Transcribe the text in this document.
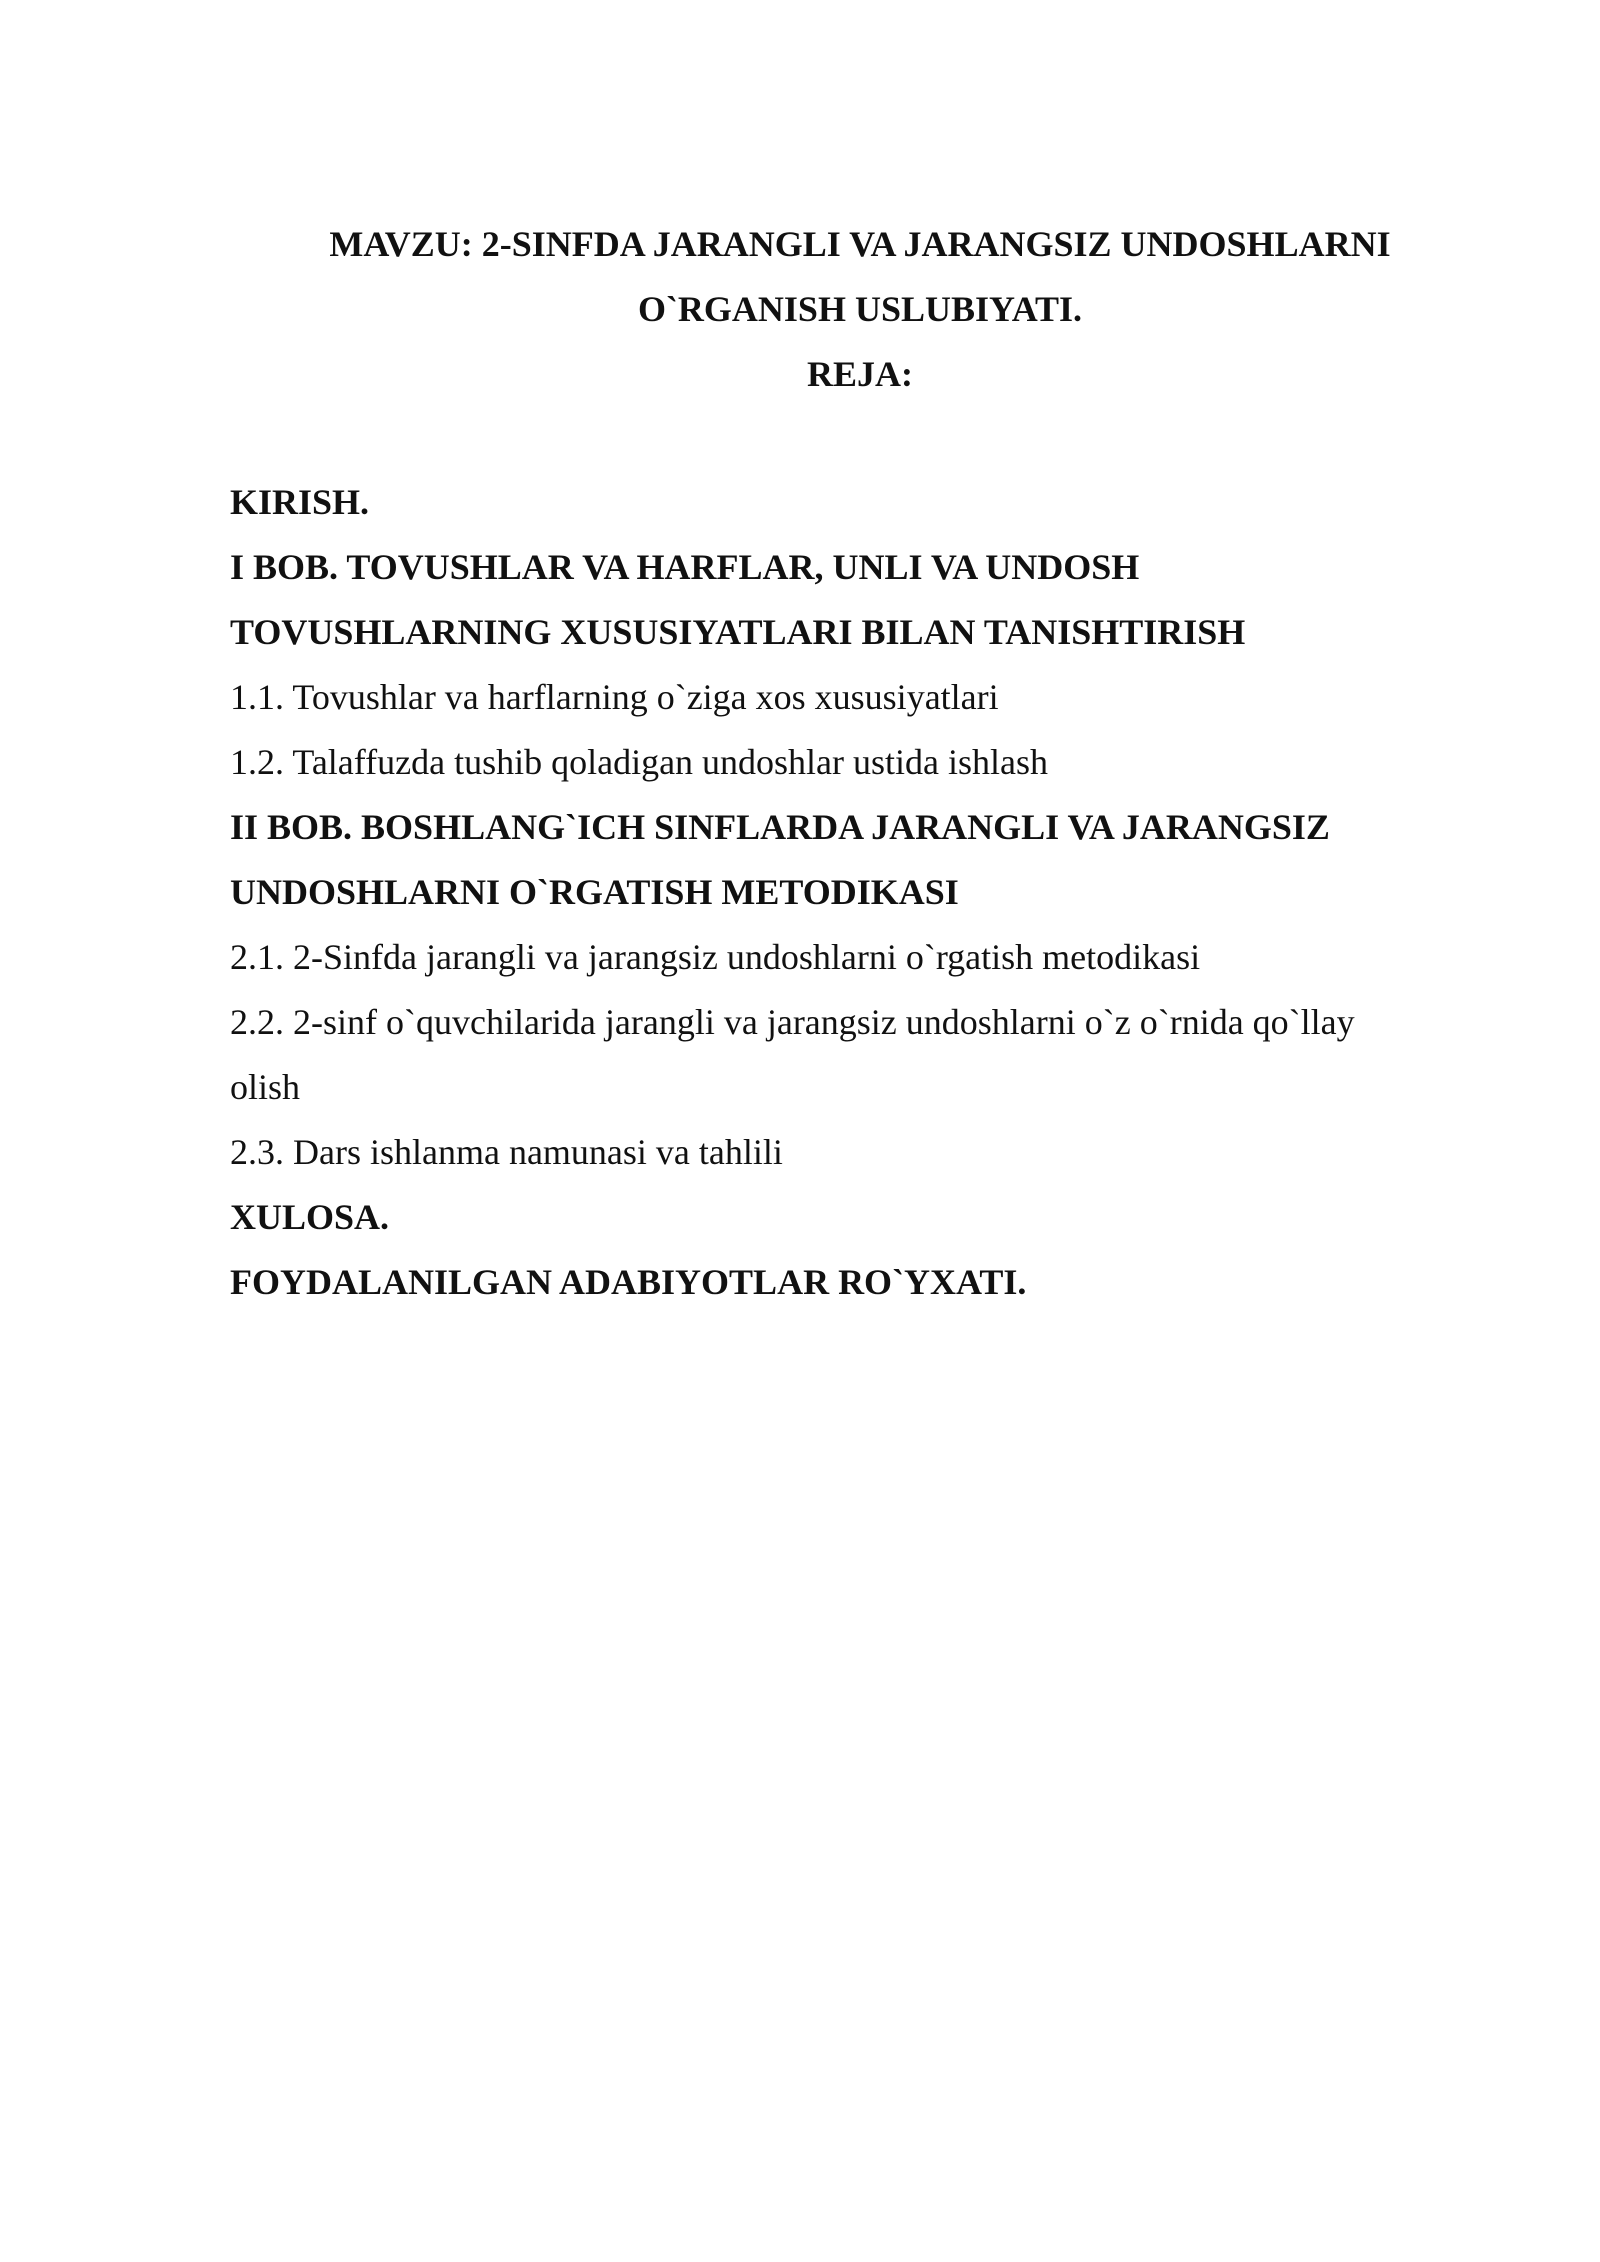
MAVZU: 2-SINFDA JARANGLI VA JARANGSIZ UNDOSHLARNI
O`RGANISH USLUBIYATI.
REJA:
KIRISH.
I BOB. TOVUSHLAR VA HARFLAR, UNLI VA UNDOSH
TOVUSHLARNING XUSUSIYATLARI BILAN TANISHTIRISH
1.1. Tovushlar va harflarning o`ziga xos xususiyatlari
1.2. Talaffuzda tushib qoladigan undoshlar ustida ishlash
II BOB. BOSHLANG`ICH SINFLARDA JARANGLI VA JARANGSIZ
UNDOSHLARNI O`RGATISH METODIKASI
2.1. 2-Sinfda jarangli va jarangsiz undoshlarni o`rgatish metodikasi
2.2. 2-sinf o`quvchilarida jarangli va jarangsiz undoshlarni o`z o`rnida qo`llay
olish
2.3. Dars ishlanma namunasi va tahlili
XULOSA.
FOYDALANILGAN ADABIYOTLAR RO`YXATI.
